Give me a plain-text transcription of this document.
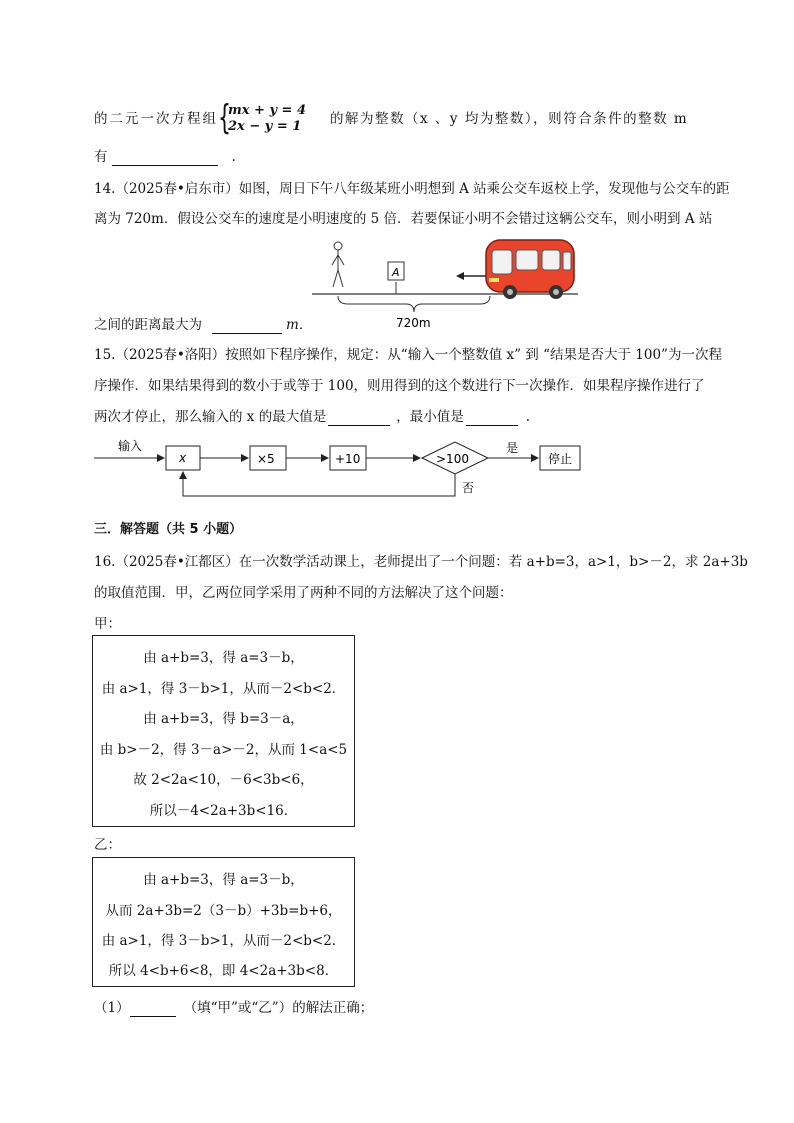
的二元一次方程组 {
mx + y = 4
2x − y = 1 的解为整数（x 、y 均为整数），则符合条件的整数 m
有	.
14.（2025春•启东市）如图，周日下午八年级某班小明想到 A 站乘公交车返校上学，发现他与公交车的距
离为 720m．假设公交车的速度是小明速度的 5 倍．若要保证小明不会错过这辆公交车，则小明到 A 站
A
720m
之间的距离最大为	m．
15.（2025春•洛阳）按照如下程序操作，规定：从“输入一个整数值 x” 到 “结果是否大于 100”为一次程
序操作．如果结果得到的数小于或等于 100，则用得到的这个数进行下一次操作．如果程序操作进行了
两次才停止，那么输入的 x 的最大值是	，最小值是	.
输入
x	×5	+10	>100
是
停止
否
三．解答题（共 5 小题）
16.（2025春•江都区）在一次数学活动课上，老师提出了一个问题：若 a+b=3，a>1，b>－2，求 2a+3b
的取值范围．甲，乙两位同学采用了两种不同的方法解决了这个问题：
甲：
由 a+b=3，得 a=3－b，
由 a>1，得 3－b>1，从而－2<b<2．
由 a+b=3，得 b=3－a，
由 b>－2，得 3－a>－2，从而 1<a<5
故 2<2a<10，－6<3b<6，
所以－4<2a+3b<16．
乙：
由 a+b=3，得 a=3－b，
从而 2a+3b=2（3－b）+3b=b+6，
由 a>1，得 3－b>1，从而－2<b<2．
所以 4<b+6<8，即 4<2a+3b<8．
（1）	（填“甲”或“乙”）的解法正确；
